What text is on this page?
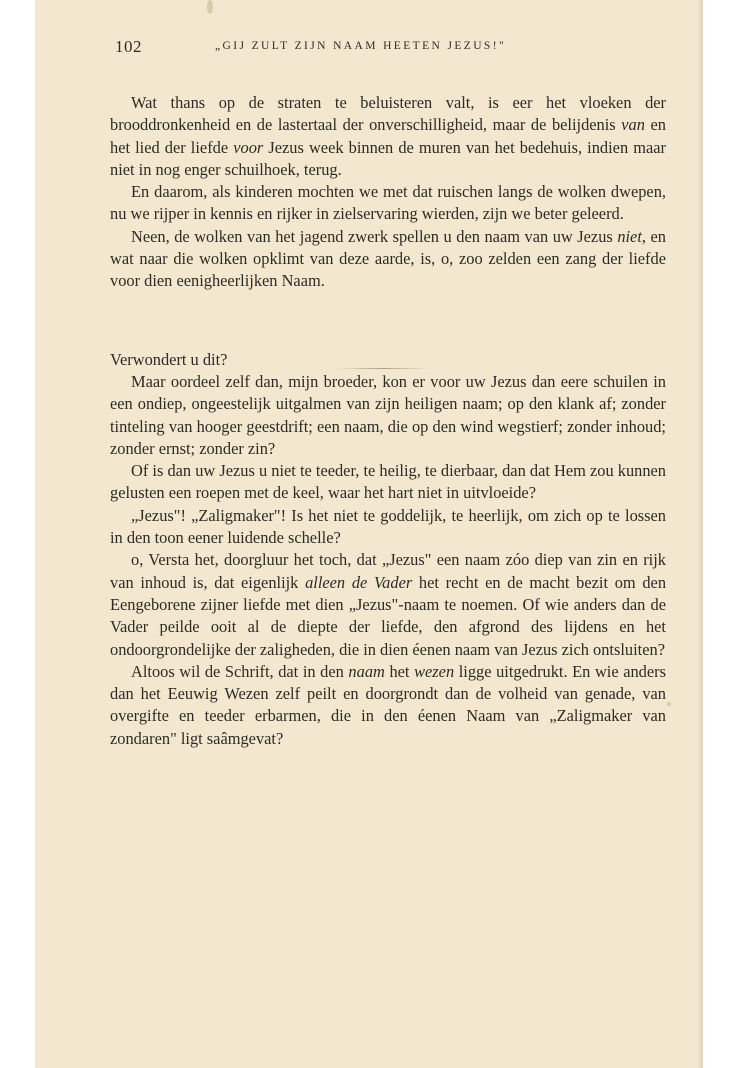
102	„GIJ ZULT ZIJN NAAM HEETEN JEZUS!"

Wat thans op de straten te beluisteren valt, is eer het vloeken der brooddronkenheid en de lastertaal der onverschilligheid, maar de belijdenis van en het lied der liefde voor Jezus week binnen de muren van het bedehuis, indien maar niet in nog enger schuilhoek, terug.

En daarom, als kinderen mochten we met dat ruischen langs de wolken dwepen, nu we rijper in kennis en rijker in zielservaring wierden, zijn we beter geleerd.

Neen, de wolken van het jagend zwerk spellen u den naam van uw Jezus niet, en wat naar die wolken opklimt van deze aarde, is, o, zoo zelden een zang der liefde voor dien eenigheerlijken Naam.

Verwondert u dit?

Maar oordeel zelf dan, mijn broeder, kon er voor uw Jezus dan eere schuilen in een ondiep, ongeestelijk uitgalmen van zijn heiligen naam; op den klank af; zonder tinteling van hooger geestdrift; een naam, die op den wind wegstierf; zonder inhoud; zonder ernst; zonder zin?

Of is dan uw Jezus u niet te teeder, te heilig, te dierbaar, dan dat Hem zou kunnen gelusten een roepen met de keel, waar het hart niet in uitvloeide?

„Jezus"! „Zaligmaker"! Is het niet te goddelijk, te heerlijk, om zich op te lossen in den toon eener luidende schelle?

o, Versta het, doorgluur het toch, dat „Jezus" een naam zóo diep van zin en rijk van inhoud is, dat eigenlijk alleen de Vader het recht en de macht bezit om den Eengeborene zijner liefde met dien „Jezus"-naam te noemen. Of wie anders dan de Vader peilde ooit al de diepte der liefde, den afgrond des lijdens en het ondoorgrondelijke der zaligheden, die in dien éenen naam van Jezus zich ontsluiten?

Altoos wil de Schrift, dat in den naam het wezen ligge uitgedrukt. En wie anders dan het Eeuwig Wezen zelf peilt en doorgrondt dan de volheid van genade, van overgifte en teeder erbarmen, die in den éenen Naam van „Zaligmaker van zondaren" ligt saâmgevat?
